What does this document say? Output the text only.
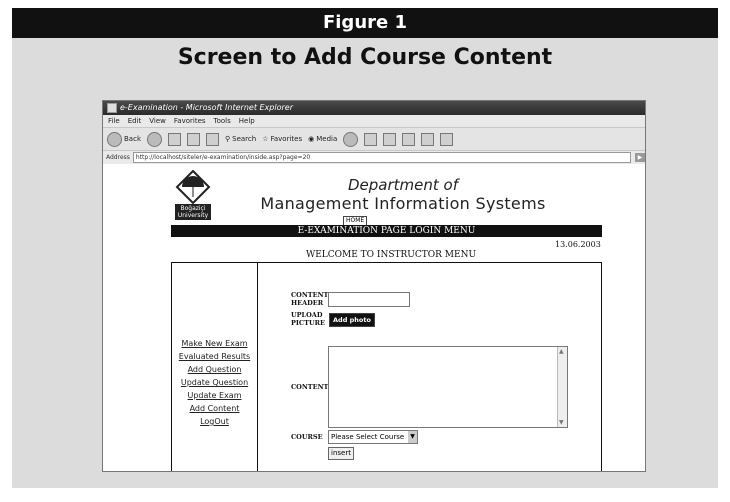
Figure 1
Screen to Add Course Content
e-Examination - Microsoft Internet Explorer
File Edit View Favorites Tools Help
Back	⚲ Search ☆ Favorites ◉ Media
Address	http://localhost/siteler/e-examination/inside.asp?page=20	▶
Boğaziçi University
Department of
Management Information Systems
HOME
E-EXAMINATION PAGE LOGIN MENU
13.06.2003
WELCOME TO INSTRUCTOR MENU
Make New Exam
Evaluated Results
Add Question
Update Question
Update Exam
Add Content
LogOut
CONTENT HEADER
UPLOAD PICTURE	Add photo
CONTENT
▲
▼
COURSE	Please Select Course ▼
insert
